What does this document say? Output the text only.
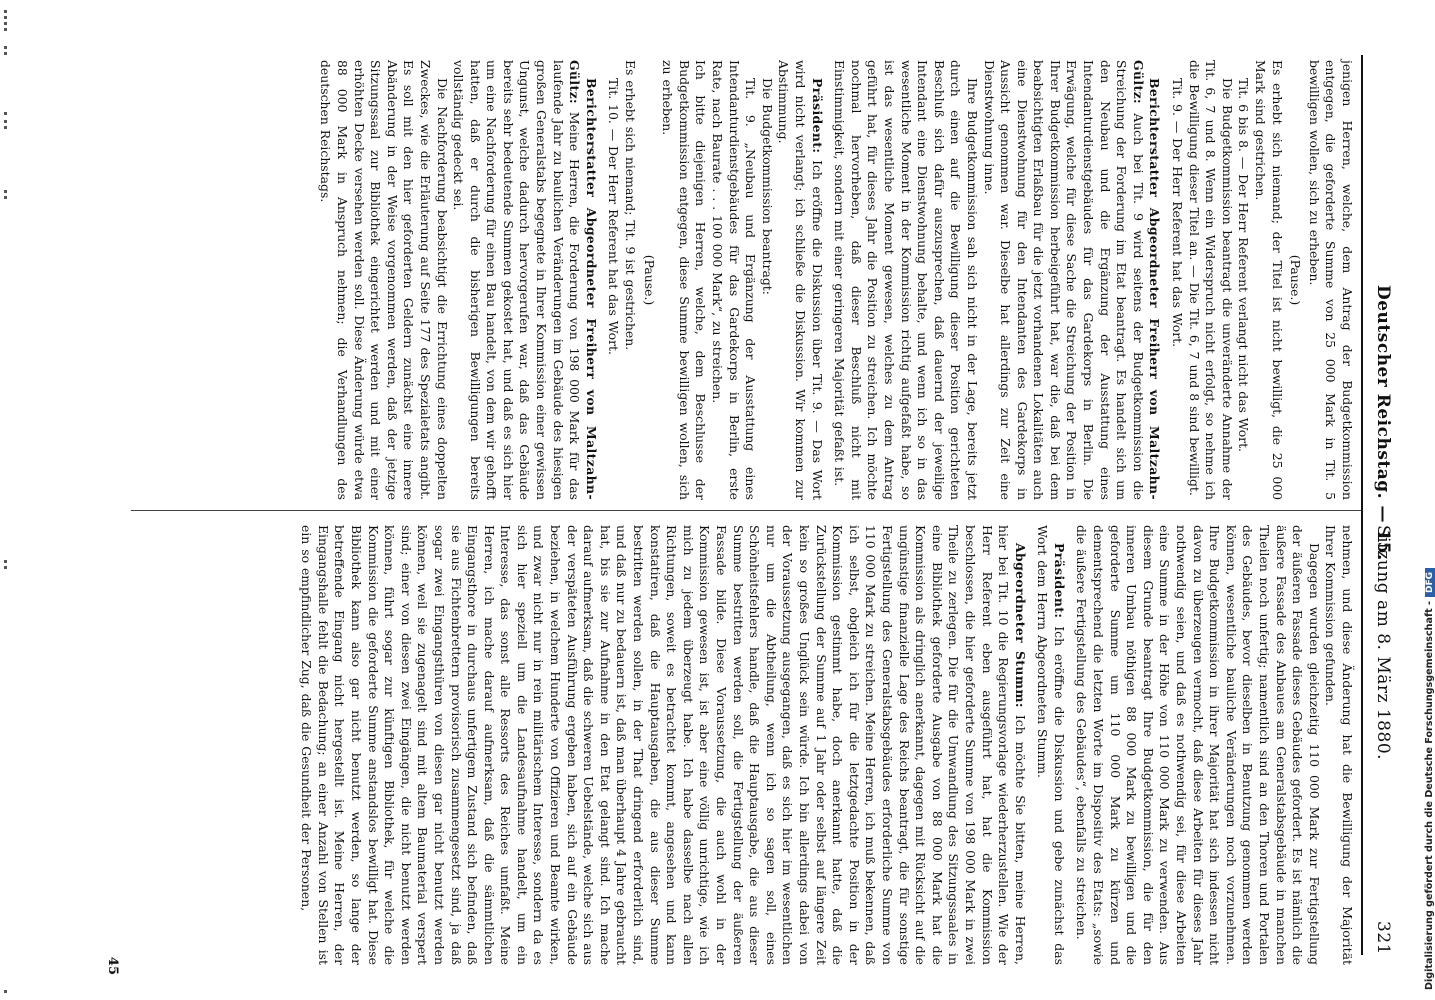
Deutscher Reichstag. — 15.
Sitzung am 8. März 1880.
321

jenigen Herren, welche, dem Antrag der Budgetkommission entgegen, die geforderte Summe von 25 000 Mark in Tit. 5 bewilligen wollen, sich zu erheben.

(Pause.)

Es erhebt sich niemand; der Titel ist nicht bewilligt, die 25 000 Mark sind gestrichen.

Tit. 6 bis 8. — Der Herr Referent verlangt nicht das Wort.

Die Budgetkommission beantragt die unveränderte Annahme der Tit. 6, 7 und 8. Wenn ein Widerspruch nicht erfolgt, so nehme ich die Bewilligung dieser Titel an. — Die Tit. 6, 7 und 8 sind bewilligt.

Tit. 9. — Der Herr Referent hat das Wort.

Berichterstatter Abgeordneter Freiherr von Maltzahn-Gültz: Auch bei Tit. 9 wird seitens der Budgetkommission die Streichung der Forderung im Etat beantragt. Es handelt sich um den Neubau und die Ergänzung der Ausstattung eines Intendanturdienstgebäudes für das Gardekorps in Berlin. Die Erwägung, welche für diese Sache die Streichung der Position in Ihrer Budgetkommission herbeigeführt hat, war die, daß bei dem beabsichtigten Erlaßbau für die jetzt vorhandenen Lokalitäten auch eine Dienstwohnung für den Intendanten des Gardekorps in Aussicht genommen war. Dieselbe hat allerdings zur Zeit eine Dienstwohnung inne.

Ihre Budgetkommission sah sich nicht in der Lage, bereits jetzt durch einen auf die Bewilligung dieser Position gerichteten Beschluß sich dafür auszusprechen, daß dauernd der jeweilige Intendant eine Dienstwohnung behalte, und wenn ich so in das wesentliche Moment in der Kommission richtig aufgefaßt habe, so ist das wesentliche Moment gewesen, welches zu dem Antrag geführt hat, für dieses Jahr die Position zu streichen. Ich möchte nochmal hervorheben, daß dieser Beschluß nicht mit Einstimmigkeit, sondern mit einer geringeren Majorität gefaßt ist.

Präsident: Ich eröffne die Diskussion über Tit. 9. — Das Wort wird nicht verlangt; ich schließe die Diskussion. Wir kommen zur Abstimmung.

Die Budgetkommission beantragt:

Tit. 9. „Neubau und Ergänzung der Ausstattung eines Intendanturdienstgebäudes für das Gardekorps in Berlin, erste Rate, nach Baurate . . . 100 000 Mark“, zu streichen.

Ich bitte diejenigen Herren, welche, dem Beschlusse der Budgetkommission entgegen, diese Summe bewilligen wollen, sich zu erheben.

(Pause.)

Es erhebt sich niemand; Tit. 9 ist gestrichen.

Tit. 10. — Der Herr Referent hat das Wort.

Berichterstatter Abgeordneter Freiherr von Maltzahn-Gültz: Meine Herren, die Forderung von 198 000 Mark für das laufende Jahr zu baulichen Veränderungen im Gebäude des hiesigen großen Generalstabs begegnete in Ihrer Kommission einer gewissen Ungunst, welche dadurch hervorgerufen war, daß das Gebäude bereits sehr bedeutende Summen gekostet hat, und daß es sich hier um eine Nachforderung für einen Bau handelt, von dem wir gehofft hatten, daß er durch die bisherigen Bewilligungen bereits vollständig gedeckt sei.

Die Nachforderung beabsichtigt die Errichtung eines doppelten Zweckes, wie die Erläuterung auf Seite 177 des Spezialetats angibt. Es soll mit den hier geforderten Geldern zunächst eine innere Abänderung in der Weise vorgenommen werden, daß der jetzige Sitzungssaal zur Bibliothek eingerichtet werden und mit einer erhöhten Decke versehen werden soll. Diese Änderung würde etwa 88 000 Mark in Anspruch nehmen; die Verhandlungen des deutschen Reichstags.

nehmen, und diese Änderung hat die Bewilligung der Majorität Ihrer Kommission gefunden.

Dagegen wurden gleichzeitig 110 000 Mark zur Fertigstellung der äußeren Fassade dieses Gebäudes gefordert. Es ist nämlich die äußere Fassade des Anbaues am Generalstabsgebäude in manchen Theilen noch unfertig; namentlich sind an den Thoren und Portalen des Gebäudes, bevor dieselben in Benutzung genommen werden können, wesentliche bauliche Veränderungen noch vorzunehmen. Ihre Budgetkommission in ihrer Majorität hat sich indessen nicht davon zu überzeugen vermocht, daß diese Arbeiten für dieses Jahr nothwendig seien, und daß es nothwendig sei, für diese Arbeiten eine Summe in der Höhe von 110 000 Mark zu verwenden. Aus diesem Grunde beantragt Ihre Budgetkommission, die für den inneren Umbau nöthigen 88 000 Mark zu bewilligen und die geforderte Summe um 110 000 Mark zu kürzen und dementsprechend die letzten Worte im Dispositiv des Etats: „sowie die äußere Fertigstellung des Gebäudes“, ebenfalls zu streichen.

Präsident: Ich eröffne die Diskussion und gebe zunächst das Wort dem Herrn Abgeordneten Stumm.

Abgeordneter Stumm: Ich möchte Sie bitten, meine Herren, hier bei Tit. 10 die Regierungsvorlage wiederherzustellen. Wie der Herr Referent eben ausgeführt hat, hat die Kommission beschlossen, die hier geforderte Summe von 198 000 Mark in zwei Theile zu zerlegen. Die für die Umwandlung des Sitzungssaales in eine Bibliothek geforderte Ausgabe von 88 000 Mark hat die Kommission als dringlich anerkannt, dagegen mit Rücksicht auf die ungünstige finanzielle Lage des Reichs beantragt, die für sonstige Fertigstellung des Generalstabsgebäudes erforderliche Summe von 110 000 Mark zu streichen. Meine Herren, ich muß bekennen, daß ich selbst, obgleich ich für die letztgedachte Position in der Kommission gestimmt habe, doch anerkannt hatte, daß die Zurückstellung der Summe auf 1 Jahr oder selbst auf längere Zeit kein so großes Unglück sein würde. Ich bin allerdings dabei von der Voraussetzung ausgegangen, daß es sich hier im wesentlichen nur um die Abtheilung, wenn ich so sagen soll, eines Schönheitsfehlers handle, daß die Hauptausgabe, die aus dieser Summe bestritten werden soll, die Fertigstellung der äußeren Fassade bilde. Diese Voraussetzung, die auch wohl in der Kommission gewesen ist, ist aber eine völlig unrichtige, wie ich mich zu jedem überzeugt habe. Ich habe dasselbe nach allen Richtungen, soweit es betrachtet kommt, angesehen und kann konstatiren, daß die Hauptausgaben, die aus dieser Summe bestritten werden sollen, in der That dringend erforderlich sind, und daß nur zu bedauern ist, daß man überhaupt 4 Jahre gebraucht hat, bis sie zur Aufnahme in den Etat gelangt sind. Ich mache darauf aufmerksam, daß die schweren Uebelstände, welche sich aus der verspäteten Ausführung ergeben haben, sich auf ein Gebäude beziehen, in welchem Hunderte von Offizieren und Beamte wirken, und zwar nicht nur in rein militärischem Interesse, sondern da es sich hier speziell um die Landesaufnahme handelt, um ein Interesse, das sonst alle Ressorts des Reiches umfaßt. Meine Herren, ich mache darauf aufmerksam, daß die sämmtlichen Eingangsthore in durchaus unfertigem Zustand sich befinden, daß sie aus Fichtenbrettern provisorisch zusammengesetzt sind, ja daß sogar zwei Eingangsthüren von diesen gar nicht benutzt werden können, weil sie zugenagelt sind mit altem Baumaterial verspert sind; einer von diesen zwei Eingängen, die nicht benutzt werden können, führt sogar zur künftigen Bibliothek, für welche die Kommission die geforderte Summe anstandslos bewilligt hat. Diese Bibliothek kann also gar nicht benutzt werden, so lange der betreffende Eingang nicht hergestellt ist. Meine Herren, der Eingangshalle fehlt die Bedachung; an einer Anzahl von Stellen ist ein so empfindlicher Zug, daß die Gesundheit der Personen,

45	Digitalisierung gefördert durch die Deutsche Forschungsgemeinschaft -DFG
